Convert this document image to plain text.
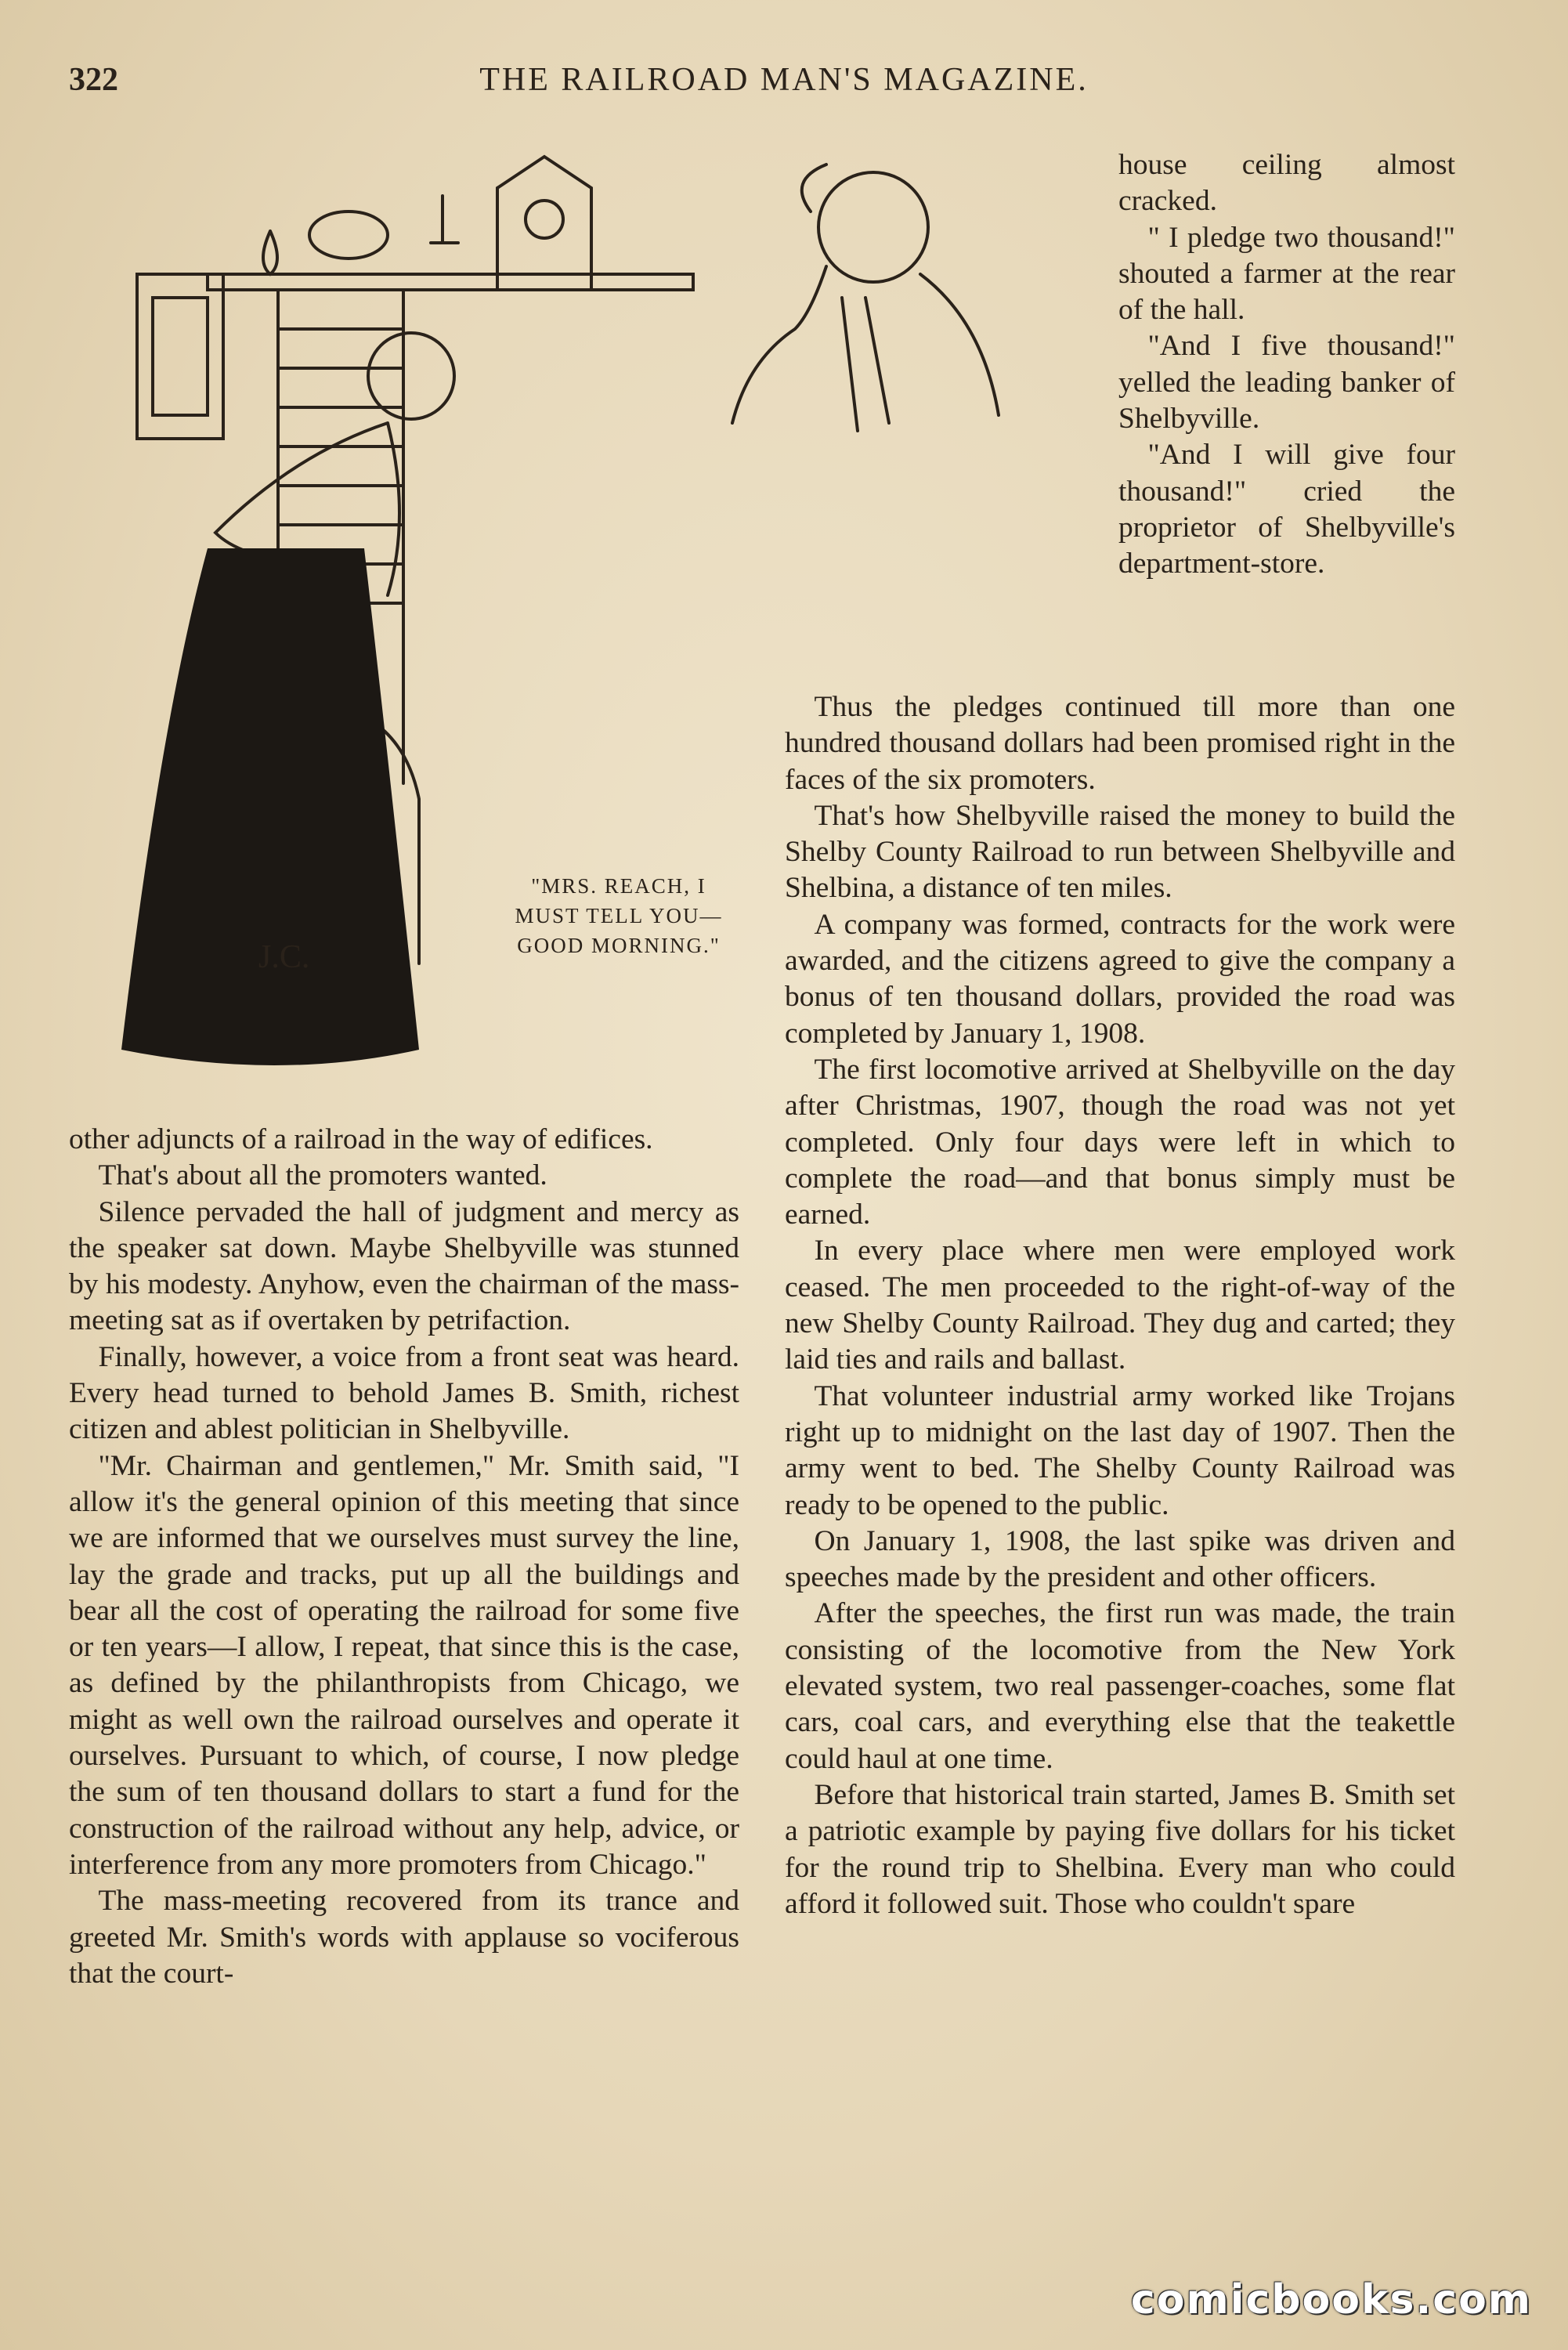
322	THE RAILROAD MAN'S MAGAZINE.
J.C.
"MRS. REACH, I MUST TELL YOU—GOOD MORNING."

house ceiling almost cracked.

" I pledge two thousand!" shouted a farmer at the rear of the hall.

"And I five thousand!" yelled the leading banker of Shelbyville.

"And I will give four thousand!" cried the proprietor of Shelbyville's department-store.

Thus the pledges continued till more than one hundred thousand dollars had been promised right in the faces of the six promoters.

That's how Shelbyville raised the money to build the Shelby County Railroad to run between Shelbyville and Shelbina, a distance of ten miles.

A company was formed, contracts for the work were awarded, and the citizens agreed to give the company a bonus of ten thousand dollars, provided the road was completed by January 1, 1908.

The first locomotive arrived at Shelbyville on the day after Christmas, 1907, though the road was not yet completed. Only four days were left in which to complete the road—and that bonus simply must be earned.

In every place where men were employed work ceased. The men proceeded to the right-of-way of the new Shelby County Railroad. They dug and carted; they laid ties and rails and ballast.

That volunteer industrial army worked like Trojans right up to midnight on the last day of 1907. Then the army went to bed. The Shelby County Railroad was ready to be opened to the public.

On January 1, 1908, the last spike was driven and speeches made by the president and other officers.

After the speeches, the first run was made, the train consisting of the locomotive from the New York elevated system, two real passenger-coaches, some flat cars, coal cars, and everything else that the teakettle could haul at one time.

Before that historical train started, James B. Smith set a patriotic example by paying five dollars for his ticket for the round trip to Shelbina. Every man who could afford it followed suit. Those who couldn't spare

other adjuncts of a railroad in the way of edifices.

That's about all the promoters wanted.

Silence pervaded the hall of judgment and mercy as the speaker sat down. Maybe Shelbyville was stunned by his modesty. Anyhow, even the chairman of the mass-meeting sat as if overtaken by petrifaction.

Finally, however, a voice from a front seat was heard. Every head turned to behold James B. Smith, richest citizen and ablest politician in Shelbyville.

"Mr. Chairman and gentlemen," Mr. Smith said, "I allow it's the general opinion of this meeting that since we are informed that we ourselves must survey the line, lay the grade and tracks, put up all the buildings and bear all the cost of operating the railroad for some five or ten years—I allow, I repeat, that since this is the case, as defined by the philanthropists from Chicago, we might as well own the railroad ourselves and operate it ourselves. Pursuant to which, of course, I now pledge the sum of ten thousand dollars to start a fund for the construction of the railroad without any help, advice, or interference from any more promoters from Chicago."

The mass-meeting recovered from its trance and greeted Mr. Smith's words with applause so vociferous that the court-

comicbooks.com
